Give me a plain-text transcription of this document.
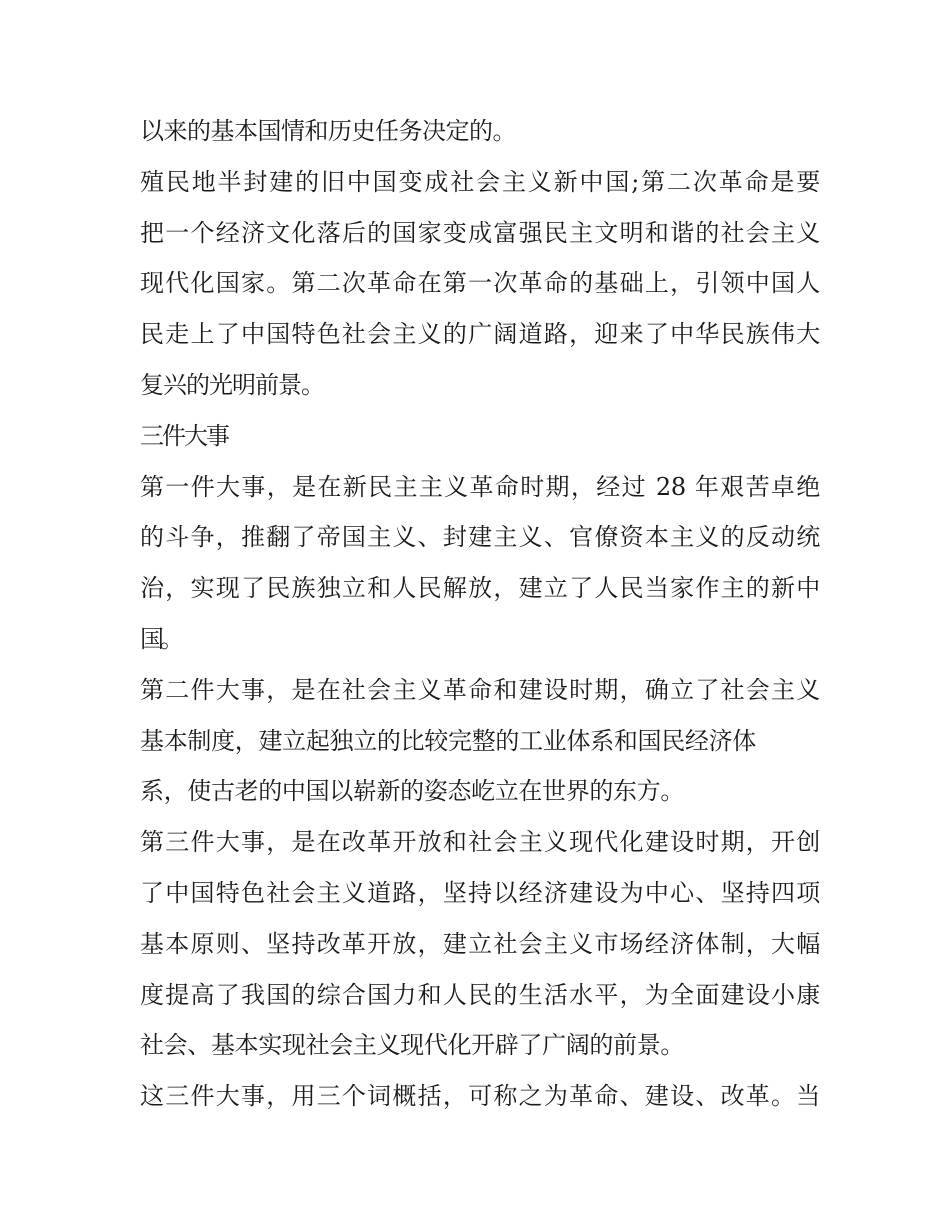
以来的基本国情和历史任务决定的。
殖民地半封建的旧中国变成社会主义新中国;第二次革命是要
把一个经济文化落后的国家变成富强民主文明和谐的社会主义
现代化国家。第二次革命在第一次革命的基础上，引领中国人
民走上了中国特色社会主义的广阔道路，迎来了中华民族伟大
复兴的光明前景。
三件大事
第一件大事，是在新民主主义革命时期，经过 28 年艰苦卓绝
的斗争，推翻了帝国主义、封建主义、官僚资本主义的反动统
治，实现了民族独立和人民解放，建立了人民当家作主的新中
国。
第二件大事，是在社会主义革命和建设时期，确立了社会主义
基本制度，建立起独立的比较完整的工业体系和国民经济体
系，使古老的中国以崭新的姿态屹立在世界的东方。
第三件大事，是在改革开放和社会主义现代化建设时期，开创
了中国特色社会主义道路，坚持以经济建设为中心、坚持四项
基本原则、坚持改革开放，建立社会主义市场经济体制，大幅
度提高了我国的综合国力和人民的生活水平，为全面建设小康
社会、基本实现社会主义现代化开辟了广阔的前景。
这三件大事，用三个词概括，可称之为革命、建设、改革。当
